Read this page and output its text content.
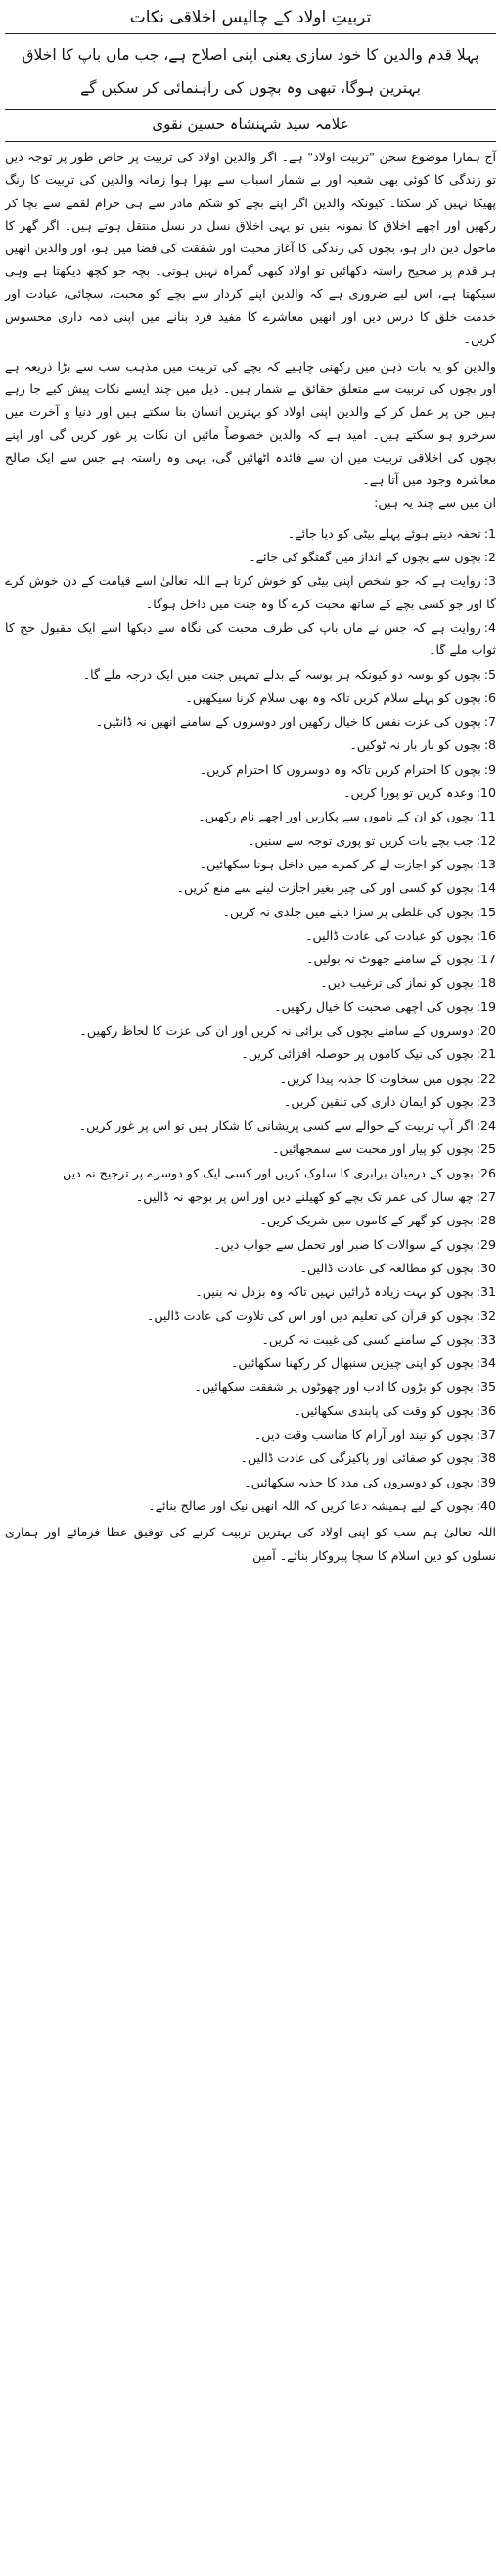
تربیتِ اولاد کے چالیس اخلاقی نکات
پہلا قدم والدین کا خود سازی یعنی اپنی اصلاح ہے، جب ماں باپ کا اخلاق بہترین ہوگا، تبھی وہ بچوں کی راہنمائی کر سکیں گے
علامہ سید شہنشاہ حسین نقوی

آج ہمارا موضوع سخن "تربیت اولاد" ہے۔ اگر والدین اولاد کی تربیت پر خاص طور پر توجہ دیں تو زندگی کا کوئی بھی شعبہ اور بے شمار اسباب سے بھرا ہوا زمانہ والدین کی تربیت کا رنگ پھیکا نہیں کر سکتا۔ کیونکہ والدین اگر اپنے بچے کو شکم مادر سے ہی حرام لقمے سے بچا کر رکھیں اور اچھے اخلاق کا نمونہ بنیں تو یہی اخلاق نسل در نسل منتقل ہوتے ہیں۔ اگر گھر کا ماحول دین دار ہو، بچوں کی زندگی کا آغاز محبت اور شفقت کی فضا میں ہو، اور والدین انھیں ہر قدم پر صحیح راستہ دکھائیں تو اولاد کبھی گمراہ نہیں ہوتی۔ بچہ جو کچھ دیکھتا ہے وہی سیکھتا ہے، اس لیے ضروری ہے کہ والدین اپنے کردار سے بچے کو محبت، سچائی، عبادت اور خدمت خلق کا درس دیں اور انھیں معاشرے کا مفید فرد بنانے میں اپنی ذمہ داری محسوس کریں۔

والدین کو یہ بات ذہن میں رکھنی چاہیے کہ بچے کی تربیت میں مذہب سب سے بڑا ذریعہ ہے اور بچوں کی تربیت سے متعلق حقائق بے شمار ہیں۔ ذیل میں چند ایسے نکات پیش کیے جا رہے ہیں جن پر عمل کر کے والدین اپنی اولاد کو بہترین انسان بنا سکتے ہیں اور دنیا و آخرت میں سرخرو ہو سکتے ہیں۔ امید ہے کہ والدین خصوصاً مائیں ان نکات پر غور کریں گی اور اپنے بچوں کی اخلاقی تربیت میں ان سے فائدہ اٹھائیں گی، یہی وہ راستہ ہے جس سے ایک صالح معاشرہ وجود میں آتا ہے۔

ان میں سے چند یہ ہیں:
1:تحفہ دیتے ہوئے پہلے بیٹی کو دیا جائے۔
2:بچوں سے بچوں کے انداز میں گفتگو کی جائے۔
3:روایت ہے کہ جو شخص اپنی بیٹی کو خوش کرتا ہے اللہ تعالیٰ اسے قیامت کے دن خوش کرے گا اور جو کسی بچے کے ساتھ محبت کرے گا وہ جنت میں داخل ہوگا۔
4:روایت ہے کہ جس نے ماں باپ کی طرف محبت کی نگاہ سے دیکھا اسے ایک مقبول حج کا ثواب ملے گا۔
5:بچوں کو بوسہ دو کیونکہ ہر بوسہ کے بدلے تمہیں جنت میں ایک درجہ ملے گا۔
6:بچوں کو پہلے سلام کریں تاکہ وہ بھی سلام کرنا سیکھیں۔
7:بچوں کی عزت نفس کا خیال رکھیں اور دوسروں کے سامنے انھیں نہ ڈانٹیں۔
8:بچوں کو بار بار نہ ٹوکیں۔
9:بچوں کا احترام کریں تاکہ وہ دوسروں کا احترام کریں۔
10:وعدہ کریں تو پورا کریں۔
11:بچوں کو ان کے ناموں سے پکاریں اور اچھے نام رکھیں۔
12:جب بچے بات کریں تو پوری توجہ سے سنیں۔
13:بچوں کو اجازت لے کر کمرے میں داخل ہونا سکھائیں۔
14:بچوں کو کسی اور کی چیز بغیر اجازت لینے سے منع کریں۔
15:بچوں کی غلطی پر سزا دینے میں جلدی نہ کریں۔
16:بچوں کو عبادت کی عادت ڈالیں۔
17:بچوں کے سامنے جھوٹ نہ بولیں۔
18:بچوں کو نماز کی ترغیب دیں۔
19:بچوں کی اچھی صحبت کا خیال رکھیں۔
20:دوسروں کے سامنے بچوں کی برائی نہ کریں اور ان کی عزت کا لحاظ رکھیں۔
21:بچوں کی نیک کاموں پر حوصلہ افزائی کریں۔
22:بچوں میں سخاوت کا جذبہ پیدا کریں۔
23:بچوں کو ایمان داری کی تلقین کریں۔
24:اگر آپ تربیت کے حوالے سے کسی پریشانی کا شکار ہیں تو اس پر غور کریں۔
25:بچوں کو پیار اور محبت سے سمجھائیں۔
26:بچوں کے درمیان برابری کا سلوک کریں اور کسی ایک کو دوسرے پر ترجیح نہ دیں۔
27:چھ سال کی عمر تک بچے کو کھیلنے دیں اور اس پر بوجھ نہ ڈالیں۔
28:بچوں کو گھر کے کاموں میں شریک کریں۔
29:بچوں کے سوالات کا صبر اور تحمل سے جواب دیں۔
30:بچوں کو مطالعہ کی عادت ڈالیں۔
31:بچوں کو بہت زیادہ ڈرائیں نہیں تاکہ وہ بزدل نہ بنیں۔
32:بچوں کو قرآن کی تعلیم دیں اور اس کی تلاوت کی عادت ڈالیں۔
33:بچوں کے سامنے کسی کی غیبت نہ کریں۔
34:بچوں کو اپنی چیزیں سنبھال کر رکھنا سکھائیں۔
35:بچوں کو بڑوں کا ادب اور چھوٹوں پر شفقت سکھائیں۔
36:بچوں کو وقت کی پابندی سکھائیں۔
37:بچوں کو نیند اور آرام کا مناسب وقت دیں۔
38:بچوں کو صفائی اور پاکیزگی کی عادت ڈالیں۔
39:بچوں کو دوسروں کی مدد کا جذبہ سکھائیں۔
40:بچوں کے لیے ہمیشہ دعا کریں کہ اللہ انھیں نیک اور صالح بنائے۔
اللہ تعالیٰ ہم سب کو اپنی اولاد کی بہترین تربیت کرنے کی توفیق عطا فرمائے اور ہماری نسلوں کو دین اسلام کا سچا پیروکار بنائے۔ آمین
